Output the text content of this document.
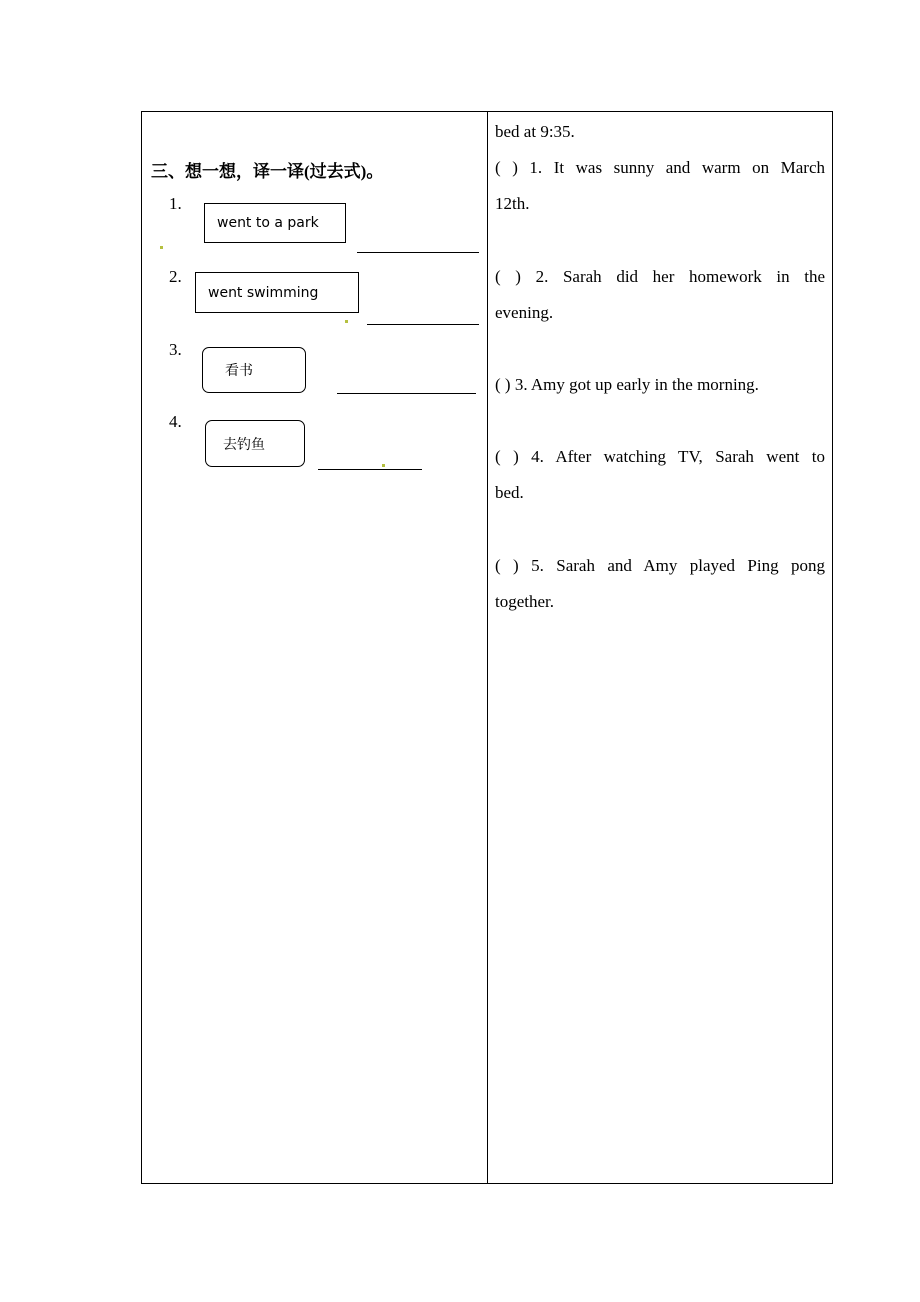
三、想一想，译一译(过去式)。
1.
went to a park
2.
went swimming
3.
看书
4.
去钓鱼
bed at 9:35.
( ) 1. It was sunny and warm on March
12th.
( ) 2. Sarah did her homework in the
evening.
( ) 3. Amy got up early in the morning.
( ) 4. After watching TV, Sarah went to
bed.
( ) 5. Sarah and Amy played Ping pong
together.
